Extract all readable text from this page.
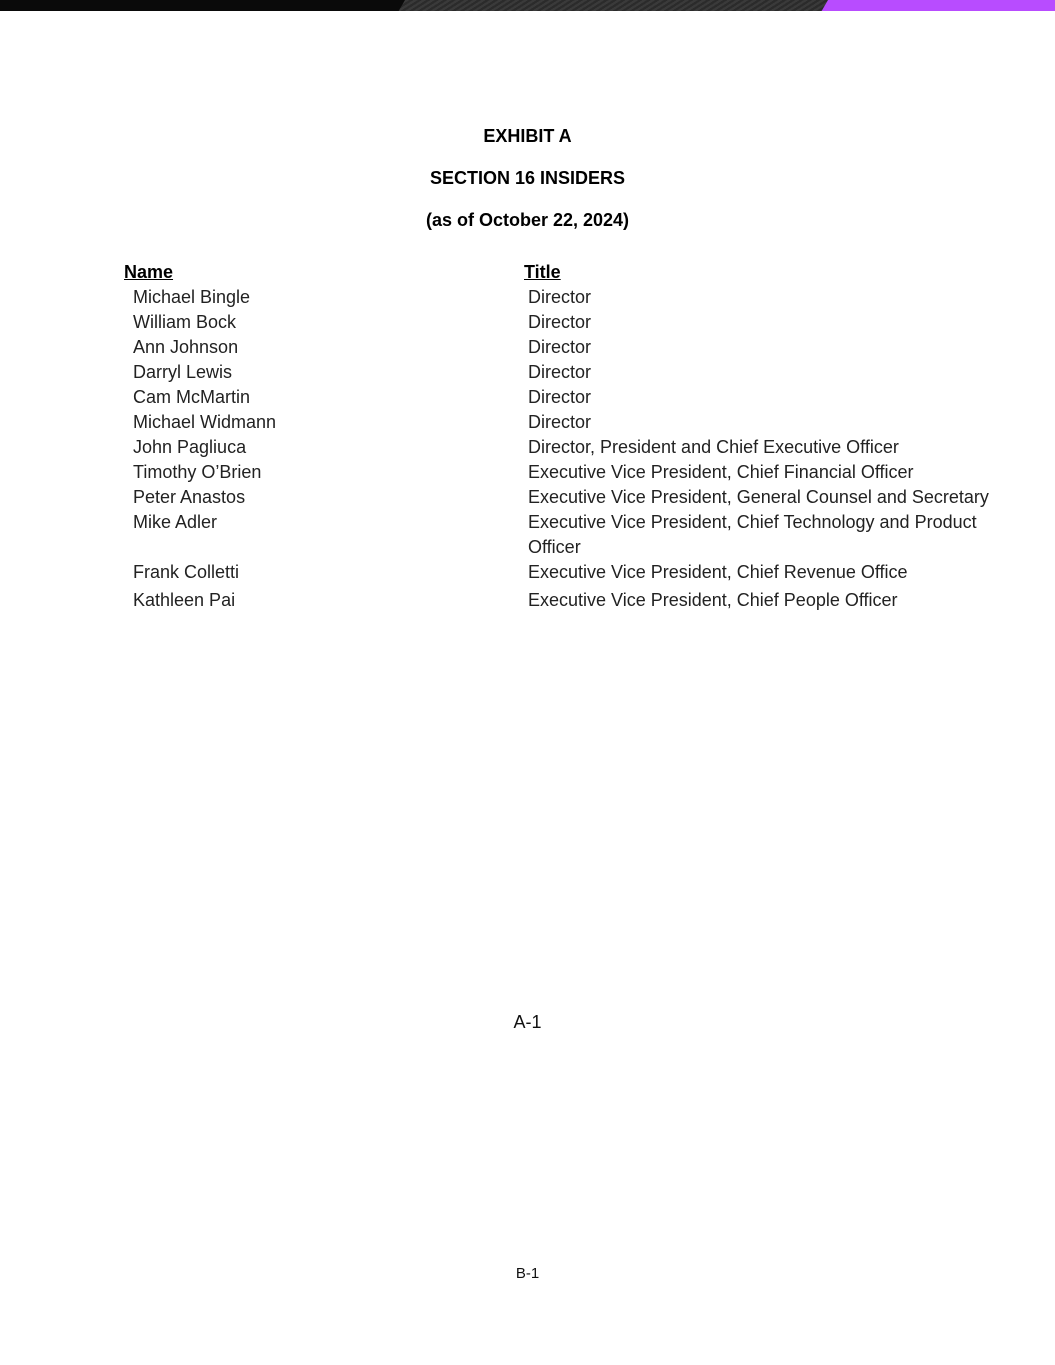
EXHIBIT A
SECTION 16 INSIDERS
(as of October 22, 2024)
Name	Title
Michael Bingle	Director
William Bock	Director
Ann Johnson	Director
Darryl Lewis	Director
Cam McMartin	Director
Michael Widmann	Director
John Pagliuca	Director, President and Chief Executive Officer
Timothy O’Brien	Executive Vice President, Chief Financial Officer
Peter Anastos	Executive Vice President, General Counsel and Secretary
Mike Adler	Executive Vice President, Chief Technology and Product Officer
Frank Colletti	Executive Vice President, Chief Revenue Office
Kathleen Pai	Executive Vice President, Chief People Officer
A-1
B-1
